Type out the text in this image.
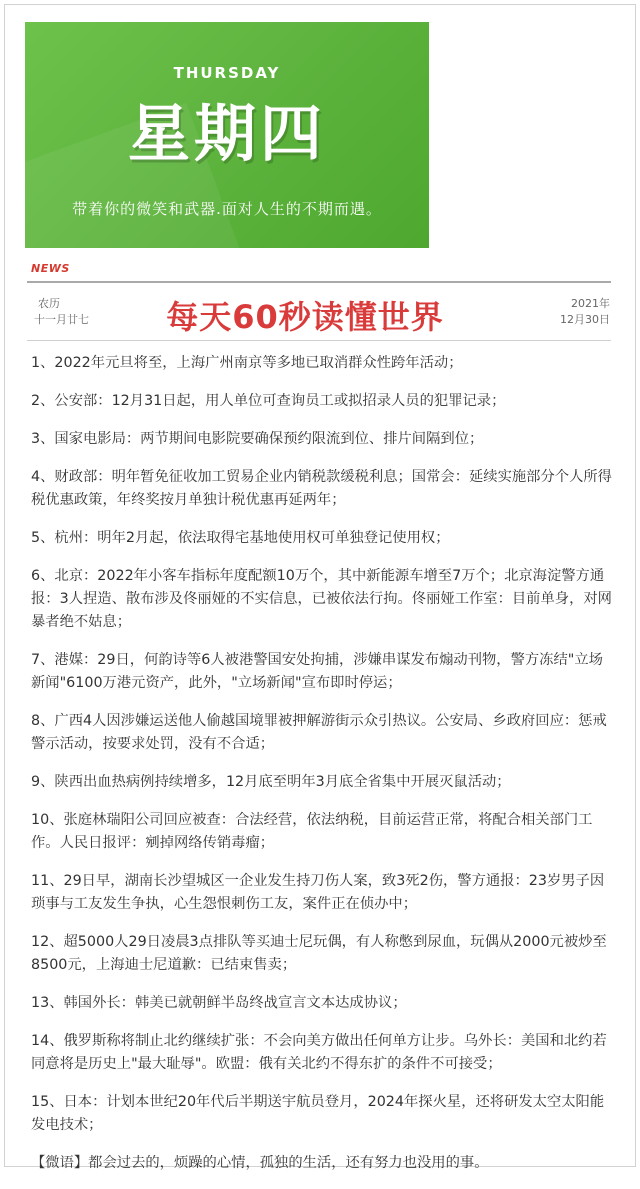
THURSDAY
星期四
带着你的微笑和武器.面对人生的不期而遇。
NEWS
农历
十一月廿七	每天60秒读懂世界	2021年
12月30日

1、2022年元旦将至，上海广州南京等多地已取消群众性跨年活动；

2、公安部：12月31日起，用人单位可查询员工或拟招录人员的犯罪记录；

3、国家电影局：两节期间电影院要确保预约限流到位、排片间隔到位；

4、财政部：明年暂免征收加工贸易企业内销税款缓税利息；国常会：延续实施部分个人所得税优惠政策，年终奖按月单独计税优惠再延两年；

5、杭州：明年2月起，依法取得宅基地使用权可单独登记使用权；

6、北京：2022年小客车指标年度配额10万个，其中新能源车增至7万个；北京海淀警方通报：3人捏造、散布涉及佟丽娅的不实信息，已被依法行拘。佟丽娅工作室：目前单身，对网暴者绝不姑息；

7、港媒：29日，何韵诗等6人被港警国安处拘捕，涉嫌串谋发布煽动刊物，警方冻结"立场新闻"6100万港元资产，此外，"立场新闻"宣布即时停运；

8、广西4人因涉嫌运送他人偷越国境罪被押解游街示众引热议。公安局、乡政府回应：惩戒警示活动，按要求处罚，没有不合适；

9、陕西出血热病例持续增多，12月底至明年3月底全省集中开展灭鼠活动；

10、张庭林瑞阳公司回应被查：合法经营，依法纳税，目前运营正常，将配合相关部门工作。人民日报评：剜掉网络传销毒瘤；

11、29日早，湖南长沙望城区一企业发生持刀伤人案，致3死2伤，警方通报：23岁男子因琐事与工友发生争执，心生怨恨刺伤工友，案件正在侦办中；

12、超5000人29日凌晨3点排队等买迪士尼玩偶，有人称憋到尿血，玩偶从2000元被炒至8500元，上海迪士尼道歉：已结束售卖；

13、韩国外长：韩美已就朝鲜半岛终战宣言文本达成协议；

14、俄罗斯称将制止北约继续扩张：不会向美方做出任何单方让步。乌外长：美国和北约若同意将是历史上"最大耻辱"。欧盟：俄有关北约不得东扩的条件不可接受；

15、日本：计划本世纪20年代后半期送宇航员登月，2024年探火星，还将研发太空太阳能发电技术；

【微语】都会过去的，烦躁的心情，孤独的生活，还有努力也没用的事。
